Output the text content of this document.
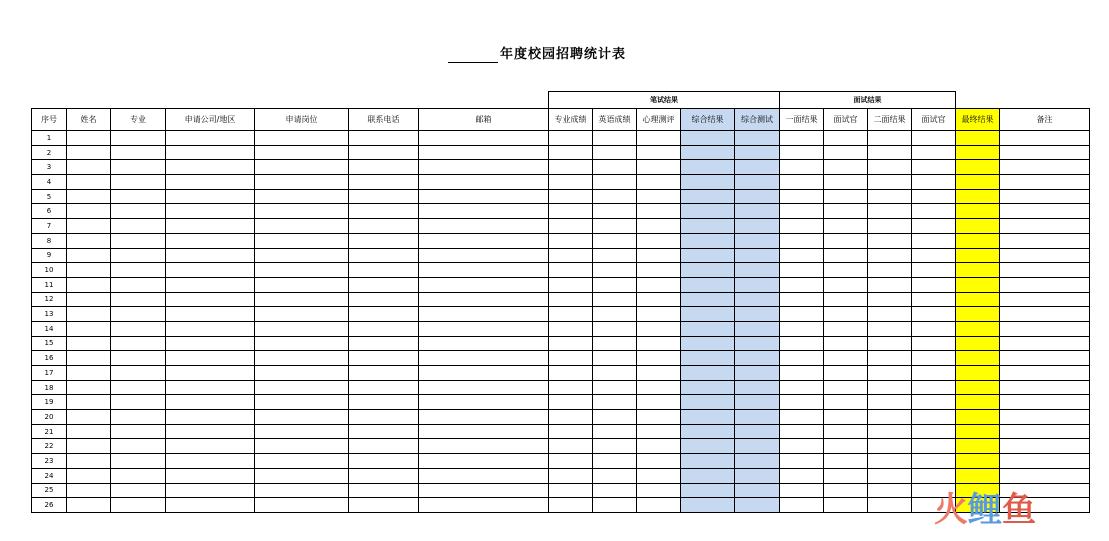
年度校园招聘统计表
							笔试结果					面试结果					
序号	姓名	专业	申请公司/地区	申请岗位	联系电话	邮箱	专业成绩	英语成绩	心理测评	综合结果	综合测试	一面结果	面试官	二面结果	面试官	最终结果	备注
1																	
2																	
3																	
4																	
5																	
6																	
7																	
8																	
9																	
10																	
11																	
12																	
13																	
14																	
15																	
16																	
17																	
18																	
19																	
20																	
21																	
22																	
23																	
24																	
25																	
26																		火 鲤 鱼
